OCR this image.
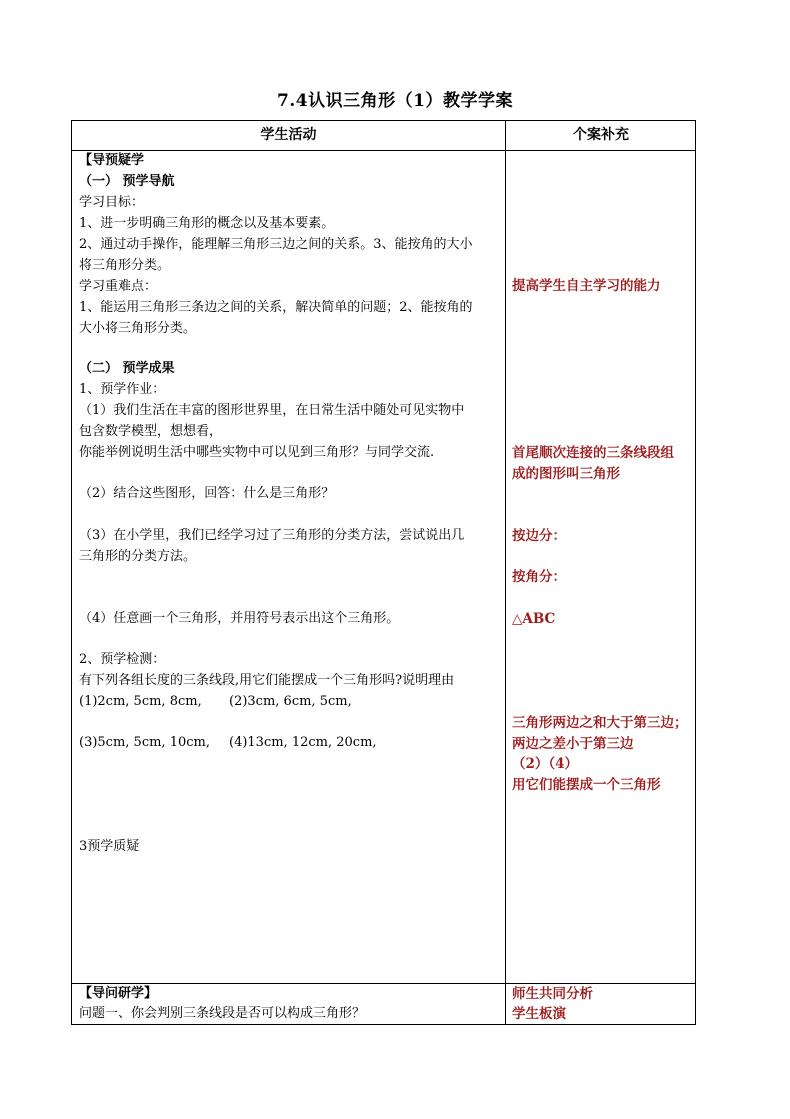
7.4认识三角形（1）教学学案
学生活动	个案补充
【导预疑学
（一） 预学导航
学习目标：
1、进一步明确三角形的概念以及基本要素。
2、通过动手操作，能理解三角形三边之间的关系。3、能按角的大小
将三角形分类。
学习重难点：
1、能运用三角形三条边之间的关系，解决简单的问题；2、能按角的
大小将三角形分类。
（二） 预学成果
1、预学作业：
（1）我们生活在丰富的图形世界里，在日常生活中随处可见实物中
包含数学模型，想想看，
你能举例说明生活中哪些实物中可以见到三角形？与同学交流.
（2）结合这些图形，回答：什么是三角形？
（3）在小学里，我们已经学习过了三角形的分类方法，尝试说出几
三角形的分类方法。
（4）任意画一个三角形，并用符号表示出这个三角形。
2、预学检测：
有下列各组长度的三条线段,用它们能摆成一个三角形吗?说明理由
(1)2cm, 5cm, 8cm, (2)3cm, 6cm, 5cm,
(3)5cm, 5cm, 10cm, (4)13cm, 12cm, 20cm,
3预学质疑
提高学生自主学习的能力
首尾顺次连接的三条线段组
成的图形叫三角形
按边分：
按角分：
△ABC
三角形两边之和大于第三边；
两边之差小于第三边
（2）（4）
用它们能摆成一个三角形
【导问研学】
问题一、你会判别三条线段是否可以构成三角形？
师生共同分析
学生板演
